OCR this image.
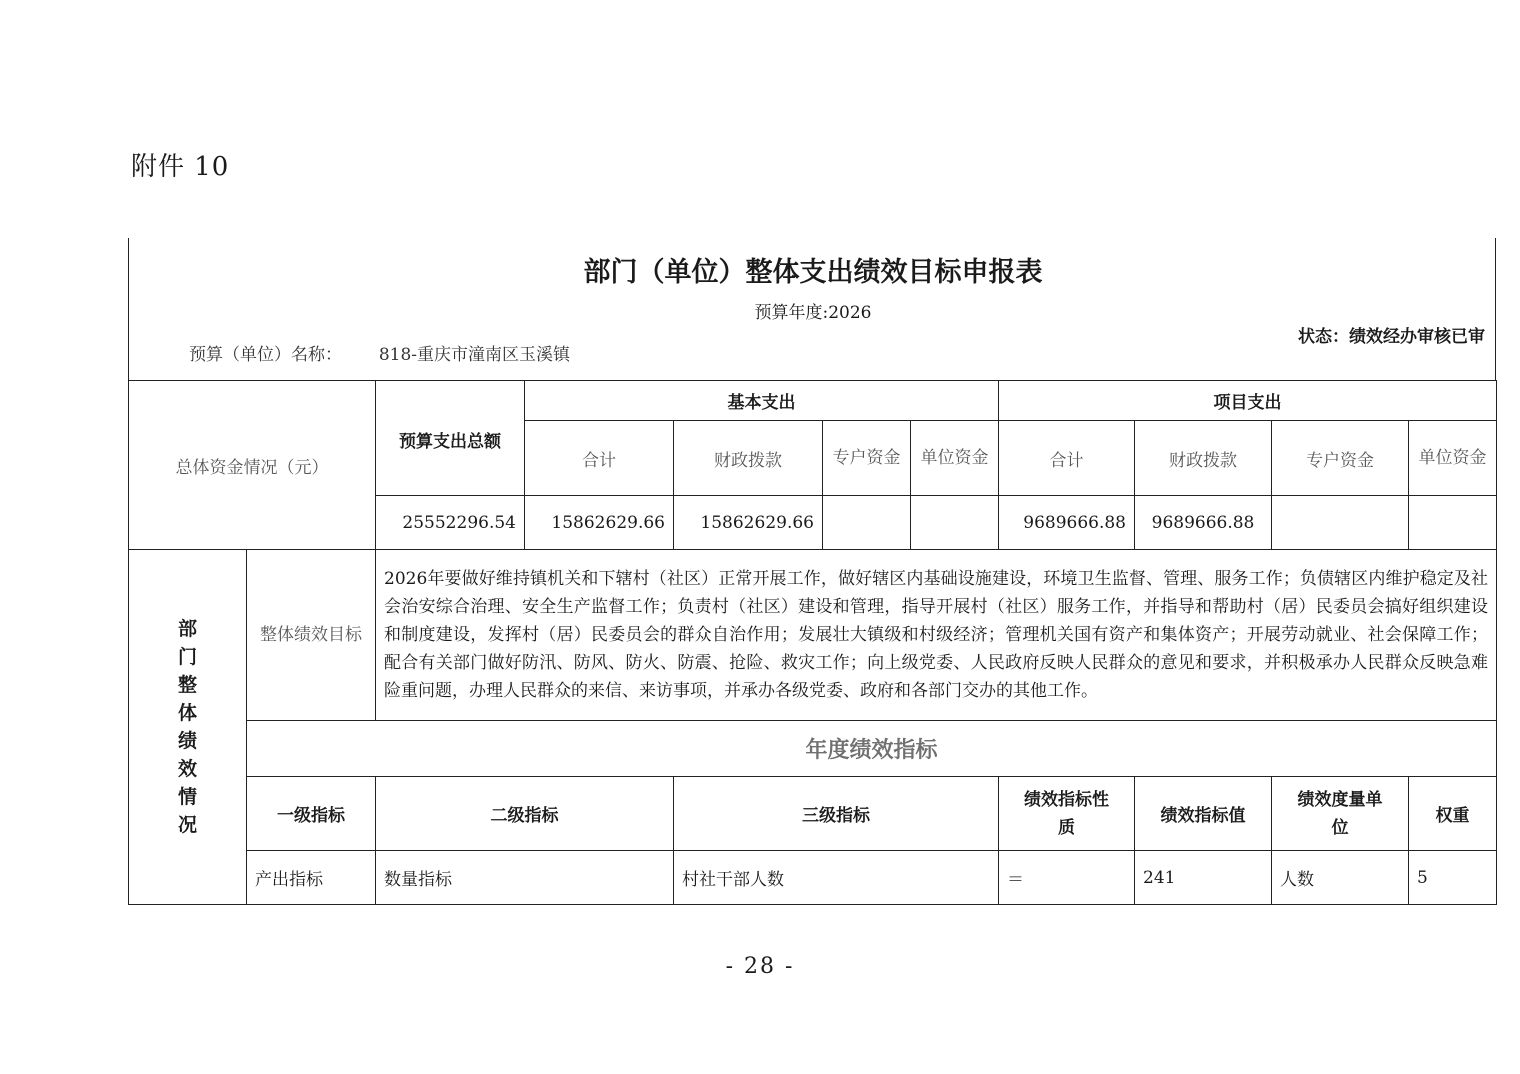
附件 10
部门（单位）整体支出绩效目标申报表
预算年度:2026
预算（单位）名称： 818-重庆市潼南区玉溪镇
状态：绩效经办审核已审
总体资金情况（元）	预算支出总额	基本支出				项目支出			
		合计	财政拨款	专户资金	单位资金	合计	财政拨款	专户资金	单位资金
	25552296.54	15862629.66	15862629.66			9689666.88	9689666.88		
部门整体绩效情况	整体绩效目标	2026年要做好维持镇机关和下辖村（社区）正常开展工作，做好辖区内基础设施建设，环境卫生监督、管理、服务工作；负债辖区内维护稳定及社会治安综合治理、安全生产监督工作；负责村（社区）建设和管理，指导开展村（社区）服务工作，并指导和帮助村（居）民委员会搞好组织建设和制度建设，发挥村（居）民委员会的群众自治作用；发展壮大镇级和村级经济；管理机关国有资产和集体资产；开展劳动就业、社会保障工作；配合有关部门做好防汛、防风、防火、防震、抢险、救灾工作；向上级党委、人民政府反映人民群众的意见和要求，并积极承办人民群众反映急难险重问题，办理人民群众的来信、来访事项，并承办各级党委、政府和各部门交办的其他工作。					
	年度绩效指标						
	一级指标	二级指标	三级指标	绩效指标性质	绩效指标值	绩效度量单位	权重
	产出指标	数量指标	村社干部人数	＝	241	人数	5
- 28 -
